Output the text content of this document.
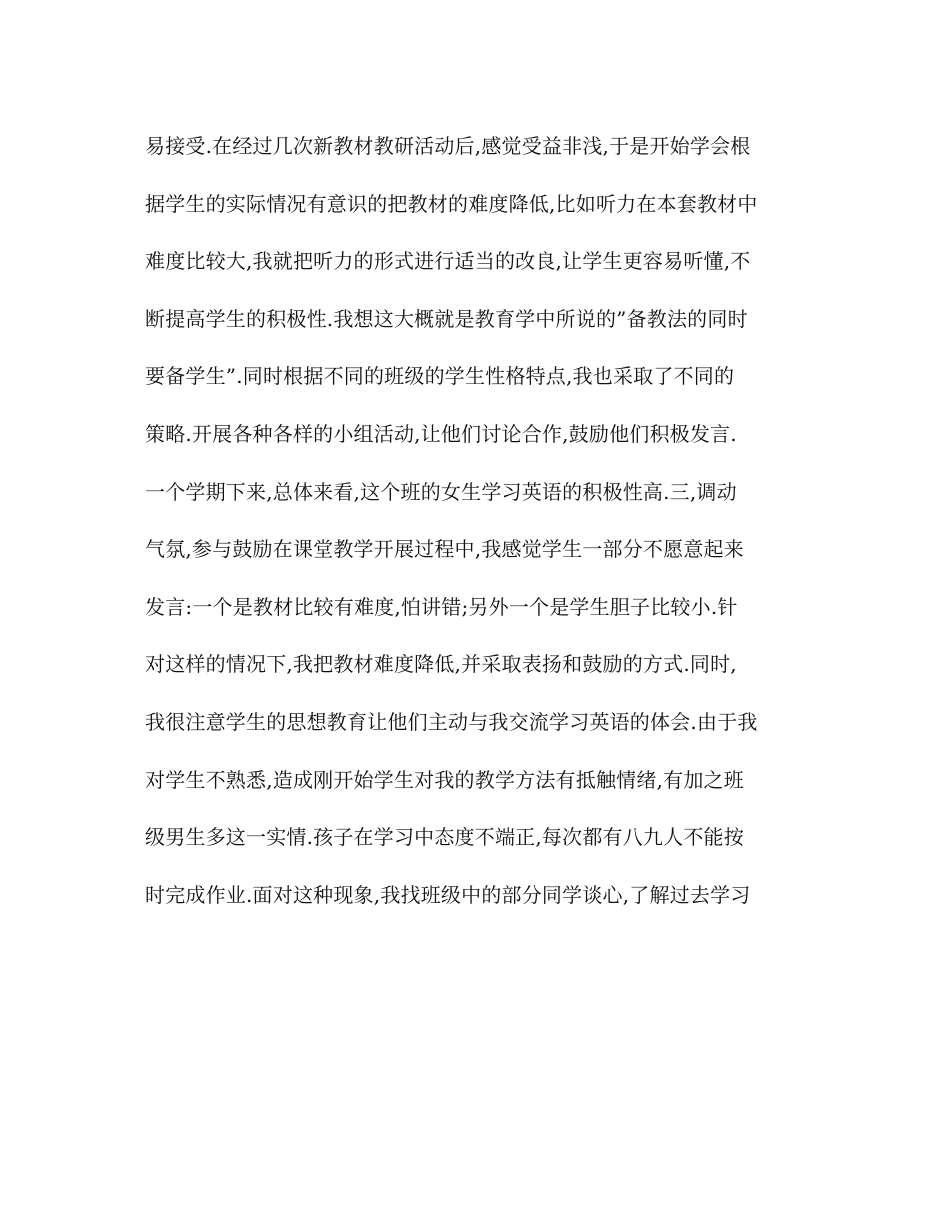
易接受.在经过几次新教材教研活动后,感觉受益非浅,于是开始学会根
据学生的实际情况有意识的把教材的难度降低,比如听力在本套教材中
难度比较大,我就把听力的形式进行适当的改良,让学生更容易听懂,不
断提高学生的积极性.我想这大概就是教育学中所说的”备教法的同时
要备学生”.同时根据不同的班级的学生性格特点,我也采取了不同的
策略.开展各种各样的小组活动,让他们讨论合作,鼓励他们积极发言.
一个学期下来,总体来看,这个班的女生学习英语的积极性高.三,调动
气氛,参与鼓励在课堂教学开展过程中,我感觉学生一部分不愿意起来
发言:一个是教材比较有难度,怕讲错;另外一个是学生胆子比较小.针
对这样的情况下,我把教材难度降低,并采取表扬和鼓励的方式.同时,
我很注意学生的思想教育让他们主动与我交流学习英语的体会.由于我
对学生不熟悉,造成刚开始学生对我的教学方法有抵触情绪,有加之班
级男生多这一实情.孩子在学习中态度不端正,每次都有八九人不能按
时完成作业.面对这种现象,我找班级中的部分同学谈心,了解过去学习
